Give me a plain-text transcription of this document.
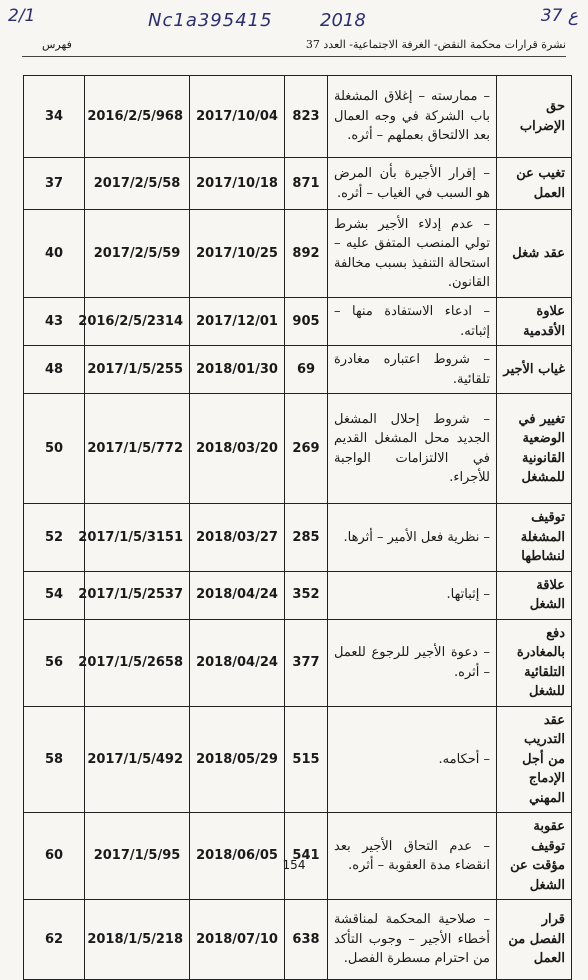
2/1	Nc1a395415	2018	37 ع
نشرة قرارات محكمة النقض- الغرفة الاجتماعية- العدد 37
فهرس
حق الإضراب	– ممارسته – إغلاق المشغلة باب الشركة في وجه العمال بعد الالتحاق بعملهم – أثره.	823	2017/10/04	2016/2/5/968	34
تغيب عن العمل	– إقرار الأجيرة بأن المرض هو السبب في الغياب – أثره.	871	2017/10/18	2017/2/5/58	37
عقد شغل	– عدم إدلاء الأجير بشرط تولي المنصب المتفق عليه – استحالة التنفيذ بسبب مخالفة القانون.	892	2017/10/25	2017/2/5/59	40
علاوة الأقدمية	– ادعاء الاستفادة منها – إثباته.	905	2017/12/01	2016/2/5/2314	43
غياب الأجير	– شروط اعتباره مغادرة تلقائية.	69	2018/01/30	2017/1/5/255	48
تغيير في الوضعية القانونية للمشغل	– شروط إحلال المشغل الجديد محل المشغل القديم في الالتزامات الواجبة للأجراء.	269	2018/03/20	2017/1/5/772	50
توقيف المشغلة لنشاطها	– نظرية فعل الأمير – أثرها.	285	2018/03/27	2017/1/5/3151	52
علاقة الشغل	– إثباتها.	352	2018/04/24	2017/1/5/2537	54
دفع بالمغادرة التلقائية للشغل	– دعوة الأجير للرجوع للعمل – أثره.	377	2018/04/24	2017/1/5/2658	56
عقد التدريب من أجل الإدماج المهني	– أحكامه.	515	2018/05/29	2017/1/5/492	58
عقوبة توقيف مؤقت عن الشغل	– عدم التحاق الأجير بعد انقضاء مدة العقوبة – أثره.	541	2018/06/05	2017/1/5/95	60
قرار الفصل من العمل	– صلاحية المحكمة لمناقشة أخطاء الأجير – وجوب التأكد من احترام مسطرة الفصل.	638	2018/07/10	2018/1/5/218	62
154
